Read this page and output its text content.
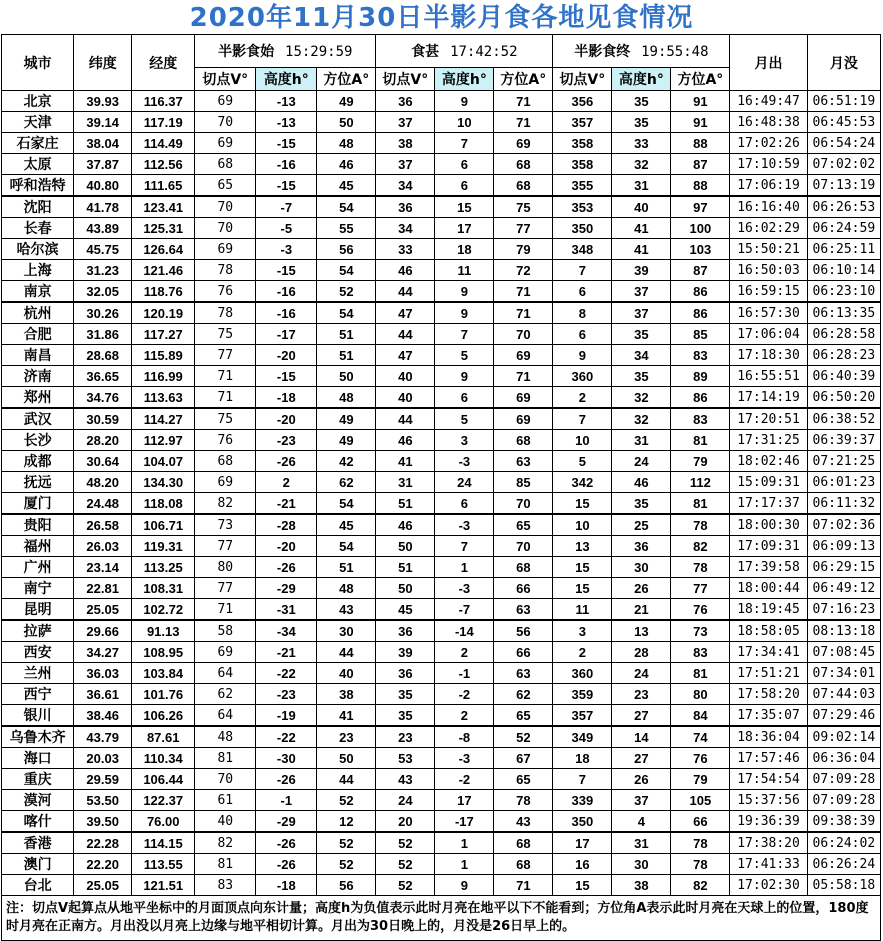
2020年11月30日半影月食各地见食情况
城市	纬度	经度	半影食始 15:29:59			食甚 17:42:52			半影食终 19:55:48			月出	月没
			切点V°	高度h°	方位A°	切点V°	高度h°	方位A°	切点V°	高度h°	方位A°		
北京	39.93	116.37	69	-13	49	36	9	71	356	35	91	16:49:47	06:51:19
天津	39.14	117.19	70	-13	50	37	10	71	357	35	91	16:48:38	06:45:53
石家庄	38.04	114.49	69	-15	48	38	7	69	358	33	88	17:02:26	06:54:24
太原	37.87	112.56	68	-16	46	37	6	68	358	32	87	17:10:59	07:02:02
呼和浩特	40.80	111.65	65	-15	45	34	6	68	355	31	88	17:06:19	07:13:19
沈阳	41.78	123.41	70	-7	54	36	15	75	353	40	97	16:16:40	06:26:53
长春	43.89	125.31	70	-5	55	34	17	77	350	41	100	16:02:29	06:24:59
哈尔滨	45.75	126.64	69	-3	56	33	18	79	348	41	103	15:50:21	06:25:11
上海	31.23	121.46	78	-15	54	46	11	72	7	39	87	16:50:03	06:10:14
南京	32.05	118.76	76	-16	52	44	9	71	6	37	86	16:59:15	06:23:10
杭州	30.26	120.19	78	-16	54	47	9	71	8	37	86	16:57:30	06:13:35
合肥	31.86	117.27	75	-17	51	44	7	70	6	35	85	17:06:04	06:28:58
南昌	28.68	115.89	77	-20	51	47	5	69	9	34	83	17:18:30	06:28:23
济南	36.65	116.99	71	-15	50	40	9	71	360	35	89	16:55:51	06:40:39
郑州	34.76	113.63	71	-18	48	40	6	69	2	32	86	17:14:19	06:50:20
武汉	30.59	114.27	75	-20	49	44	5	69	7	32	83	17:20:51	06:38:52
长沙	28.20	112.97	76	-23	49	46	3	68	10	31	81	17:31:25	06:39:37
成都	30.64	104.07	68	-26	42	41	-3	63	5	24	79	18:02:46	07:21:25
抚远	48.20	134.30	69	2	62	31	24	85	342	46	112	15:09:31	06:01:23
厦门	24.48	118.08	82	-21	54	51	6	70	15	35	81	17:17:37	06:11:32
贵阳	26.58	106.71	73	-28	45	46	-3	65	10	25	78	18:00:30	07:02:36
福州	26.03	119.31	77	-20	54	50	7	70	13	36	82	17:09:31	06:09:13
广州	23.14	113.25	80	-26	51	51	1	68	15	30	78	17:39:58	06:29:15
南宁	22.81	108.31	77	-29	48	50	-3	66	15	26	77	18:00:44	06:49:12
昆明	25.05	102.72	71	-31	43	45	-7	63	11	21	76	18:19:45	07:16:23
拉萨	29.66	91.13	58	-34	30	36	-14	56	3	13	73	18:58:05	08:13:18
西安	34.27	108.95	69	-21	44	39	2	66	2	28	83	17:34:41	07:08:45
兰州	36.03	103.84	64	-22	40	36	-1	63	360	24	81	17:51:21	07:34:01
西宁	36.61	101.76	62	-23	38	35	-2	62	359	23	80	17:58:20	07:44:03
银川	38.46	106.26	64	-19	41	35	2	65	357	27	84	17:35:07	07:29:46
乌鲁木齐	43.79	87.61	48	-22	23	23	-8	52	349	14	74	18:36:04	09:02:14
海口	20.03	110.34	81	-30	50	53	-3	67	18	27	76	17:57:46	06:36:04
重庆	29.59	106.44	70	-26	44	43	-2	65	7	26	79	17:54:54	07:09:28
漠河	53.50	122.37	61	-1	52	24	17	78	339	37	105	15:37:56	07:09:28
喀什	39.50	76.00	40	-29	12	20	-17	43	350	4	66	19:36:39	09:38:39
香港	22.28	114.15	82	-26	52	52	1	68	17	31	78	17:38:20	06:24:02
澳门	22.20	113.55	81	-26	52	52	1	68	16	30	78	17:41:33	06:26:24
台北	25.05	121.51	83	-18	56	52	9	71	15	38	82	17:02:30	05:58:18
注：切点V起算点从地平坐标中的月面顶点向东计量；高度h为负值表示此时月亮在地平以下不能看到；方位角A表示此时月亮在天球上的位置，180度时月亮在正南方。月出没以月亮上边缘与地平相切计算。月出为30日晚上的，月没是26日早上的。													
